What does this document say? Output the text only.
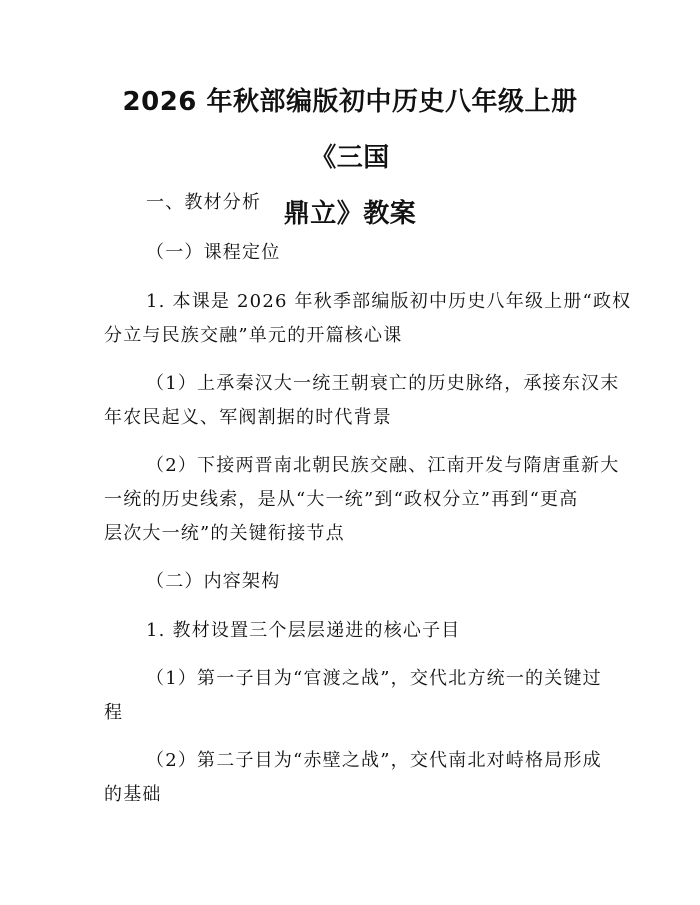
2026 年秋部编版初中历史八年级上册《三国
鼎立》教案
一、教材分析
（一）课程定位
1. 本课是 2026 年秋季部编版初中历史八年级上册“政权
分立与民族交融”单元的开篇核心课
（1）上承秦汉大一统王朝衰亡的历史脉络，承接东汉末
年农民起义、军阀割据的时代背景
（2）下接两晋南北朝民族交融、江南开发与隋唐重新大
一统的历史线索，是从“大一统”到“政权分立”再到“更高
层次大一统”的关键衔接节点
（二）内容架构
1. 教材设置三个层层递进的核心子目
（1）第一子目为“官渡之战”，交代北方统一的关键过
程
（2）第二子目为“赤壁之战”，交代南北对峙格局形成
的基础
